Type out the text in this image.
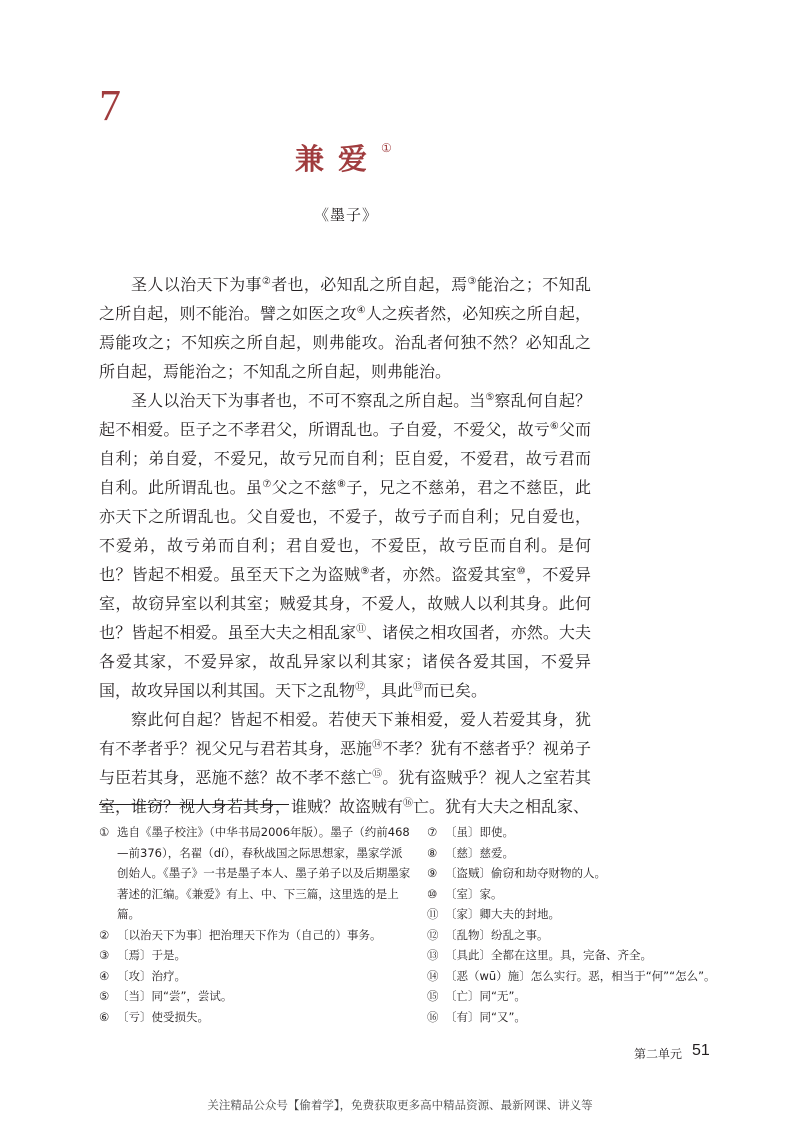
7
兼爱①
《墨子》

圣人以治天下为事②者也，必知乱之所自起，焉③能治之；不知乱之所自起，则不能治。譬之如医之攻④人之疾者然，必知疾之所自起，焉能攻之；不知疾之所自起，则弗能攻。治乱者何独不然？必知乱之所自起，焉能治之；不知乱之所自起，则弗能治。

圣人以治天下为事者也，不可不察乱之所自起。当⑤察乱何自起？起不相爱。臣子之不孝君父，所谓乱也。子自爱，不爱父，故亏⑥父而自利；弟自爱，不爱兄，故亏兄而自利；臣自爱，不爱君，故亏君而自利。此所谓乱也。虽⑦父之不慈⑧子，兄之不慈弟，君之不慈臣，此亦天下之所谓乱也。父自爱也，不爱子，故亏子而自利；兄自爱也，不爱弟，故亏弟而自利；君自爱也，不爱臣，故亏臣而自利。是何也？皆起不相爱。虽至天下之为盗贼⑨者，亦然。盗爱其室⑩，不爱异室，故窃异室以利其室；贼爱其身，不爱人，故贼人以利其身。此何也？皆起不相爱。虽至大夫之相乱家⑪、诸侯之相攻国者，亦然。大夫各爱其家，不爱异家，故乱异家以利其家；诸侯各爱其国，不爱异国，故攻异国以利其国。天下之乱物⑫，具此⑬而已矣。

察此何自起？皆起不相爱。若使天下兼相爱，爱人若爱其身，犹有不孝者乎？视父兄与君若其身，恶施⑭不孝？犹有不慈者乎？视弟子与臣若其身，恶施不慈？故不孝不慈亡⑮。犹有盗贼乎？视人之室若其室，谁窃？视人身若其身，谁贼？故盗贼有⑯亡。犹有大夫之相乱家、

① 选自《墨子校注》（中华书局2006年版）。墨子（约前468—前376），名翟（dí），春秋战国之际思想家，墨家学派创始人。《墨子》一书是墨子本人、墨子弟子以及后期墨家著述的汇编。《兼爱》有上、中、下三篇，这里选的是上篇。
② 〔以治天下为事〕把治理天下作为（自己的）事务。
③ 〔焉〕于是。
④ 〔攻〕治疗。
⑤ 〔当〕同“尝”，尝试。
⑥ 〔亏〕使受损失。
⑦ 〔虽〕即使。
⑧ 〔慈〕慈爱。
⑨ 〔盗贼〕偷窃和劫夺财物的人。
⑩ 〔室〕家。
⑪ 〔家〕卿大夫的封地。
⑫ 〔乱物〕纷乱之事。
⑬ 〔具此〕全都在这里。具，完备、齐全。
⑭ 〔恶（wū）施〕怎么实行。恶，相当于“何”“怎么”。
⑮ 〔亡〕同“无”。
⑯ 〔有〕同“又”。
第二单元 51
关注精品公众号【偷着学】，免费获取更多高中精品资源、最新网课、讲义等
